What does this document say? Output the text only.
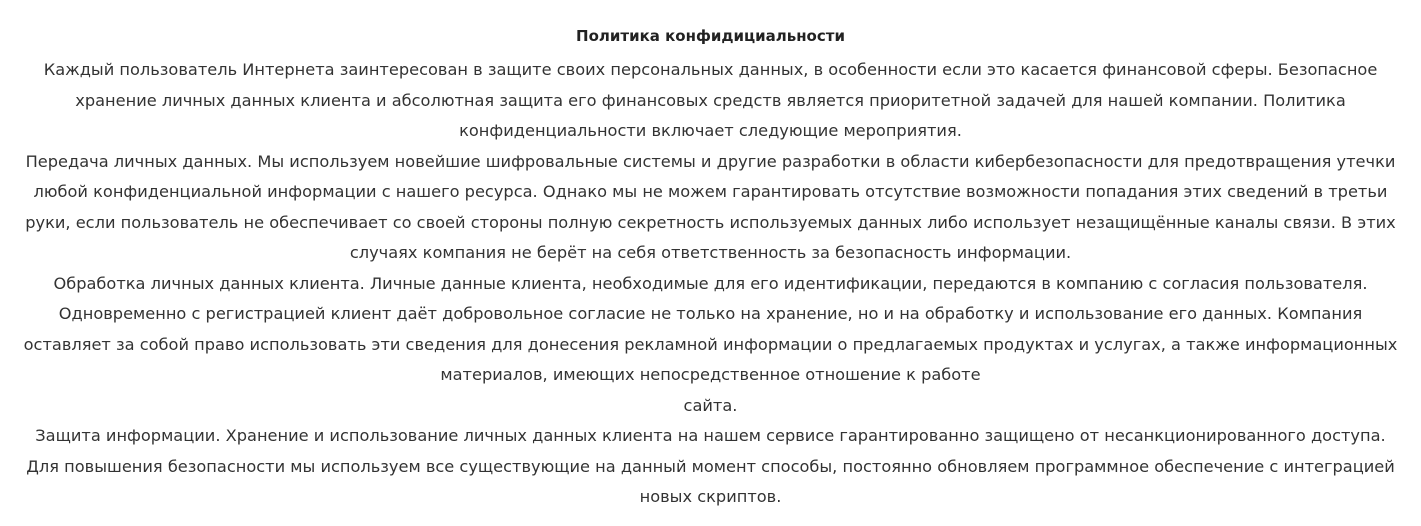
Политика конфидициальности

Каждый пользователь Интернета заинтересован в защите своих персональных данных, в особенности если это касается финансовой сферы. Безопасное

хранение личных данных клиента и абсолютная защита его финансовых средств является приоритетной задачей для нашей компании. Политика

конфиденциальности включает следующие мероприятия.

Передача личных данных. Мы используем новейшие шифровальные системы и другие разработки в области кибербезопасности для предотвращения утечки

любой конфиденциальной информации с нашего ресурса. Однако мы не можем гарантировать отсутствие возможности попадания этих сведений в третьи

руки, если пользователь не обеспечивает со своей стороны полную секретность используемых данных либо использует незащищённые каналы связи. В этих

случаях компания не берёт на себя ответственность за безопасность информации.

Обработка личных данных клиента. Личные данные клиента, необходимые для его идентификации, передаются в компанию с согласия пользователя.

Одновременно с регистрацией клиент даёт добровольное согласие не только на хранение, но и на обработку и использование его данных. Компания

оставляет за собой право использовать эти сведения для донесения рекламной информации о предлагаемых продуктах и услугах, а также информационных

материалов, имеющих непосредственное отношение к работе

сайта.

Защита информации. Хранение и использование личных данных клиента на нашем сервисе гарантированно защищено от несанкционированного доступа.

Для повышения безопасности мы используем все существующие на данный момент способы, постоянно обновляем программное обеспечение с интеграцией

новых скриптов.
